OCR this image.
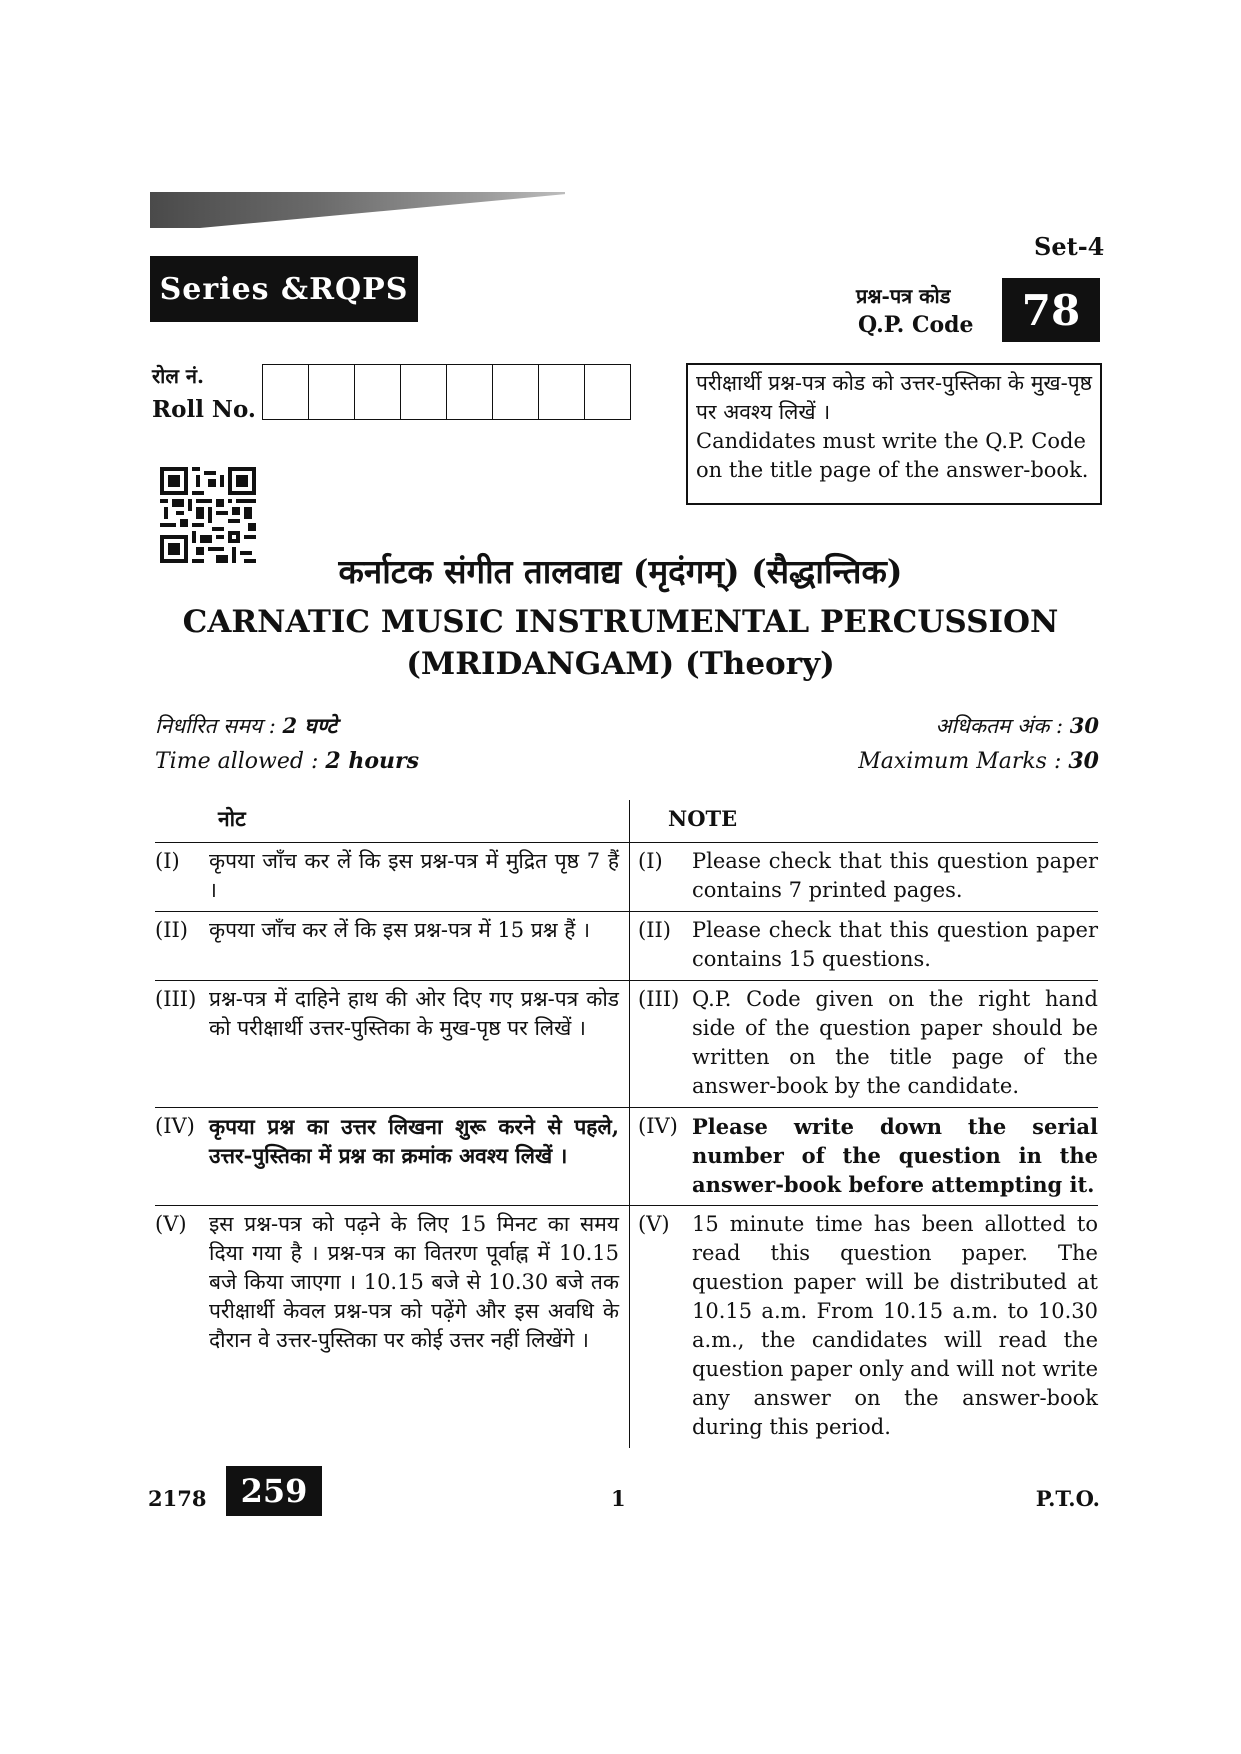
Series &RQPS
Set-4
प्रश्न-पत्र कोड
Q.P. Code	78
रोल नं.
Roll No.
परीक्षार्थी प्रश्न-पत्र कोड को उत्तर-पुस्तिका के मुख-पृष्ठ पर अवश्य लिखें ।
Candidates must write the Q.P. Code on the title page of the answer-book.
कर्नाटक संगीत तालवाद्य (मृदंगम्) (सैद्धान्तिक)
CARNATIC MUSIC INSTRUMENTAL PERCUSSION
(MRIDANGAM) (Theory)
निर्धारित समय : 2 घण्टे
Time allowed : 2 hours
अधिकतम अंक : 30
Maximum Marks : 30
नोट	NOTE
(I)	कृपया जाँच कर लें कि इस प्रश्न-पत्र में मुद्रित पृष्ठ 7 हैं ।
(I)	Please check that this question paper contains 7 printed pages.
(II)	कृपया जाँच कर लें कि इस प्रश्न-पत्र में 15 प्रश्न हैं ।	(II)	Please check that this question paper contains 15 questions.
(III) प्रश्न-पत्र में दाहिने हाथ की ओर दिए गए प्रश्न-पत्र कोड को परीक्षार्थी उत्तर-पुस्तिका के मुख-पृष्ठ पर लिखें ।
(III) Q.P. Code given on the right hand side of the question paper should be written on the title page of the answer-book by the candidate.
(IV) कृपया प्रश्न का उत्तर लिखना शुरू करने से पहले, उत्तर-पुस्तिका में प्रश्न का क्रमांक अवश्य लिखें ।
(IV) Please write down the serial number of the question in the answer-book before attempting it.
(V)	इस प्रश्न-पत्र को पढ़ने के लिए 15 मिनट का समय दिया गया है । प्रश्न-पत्र का वितरण पूर्वाह्न में 10.15 बजे किया जाएगा । 10.15 बजे से 10.30 बजे तक परीक्षार्थी केवल प्रश्न-पत्र को पढ़ेंगे और इस अवधि के दौरान वे उत्तर-पुस्तिका पर कोई उत्तर नहीं लिखेंगे ।
(V)	15 minute time has been allotted to read this question paper. The question paper will be distributed at 10.15 a.m. From 10.15 a.m. to 10.30 a.m., the candidates will read the question paper only and will not write any answer on the answer-book during this period.
2178	259	1	P.T.O.
